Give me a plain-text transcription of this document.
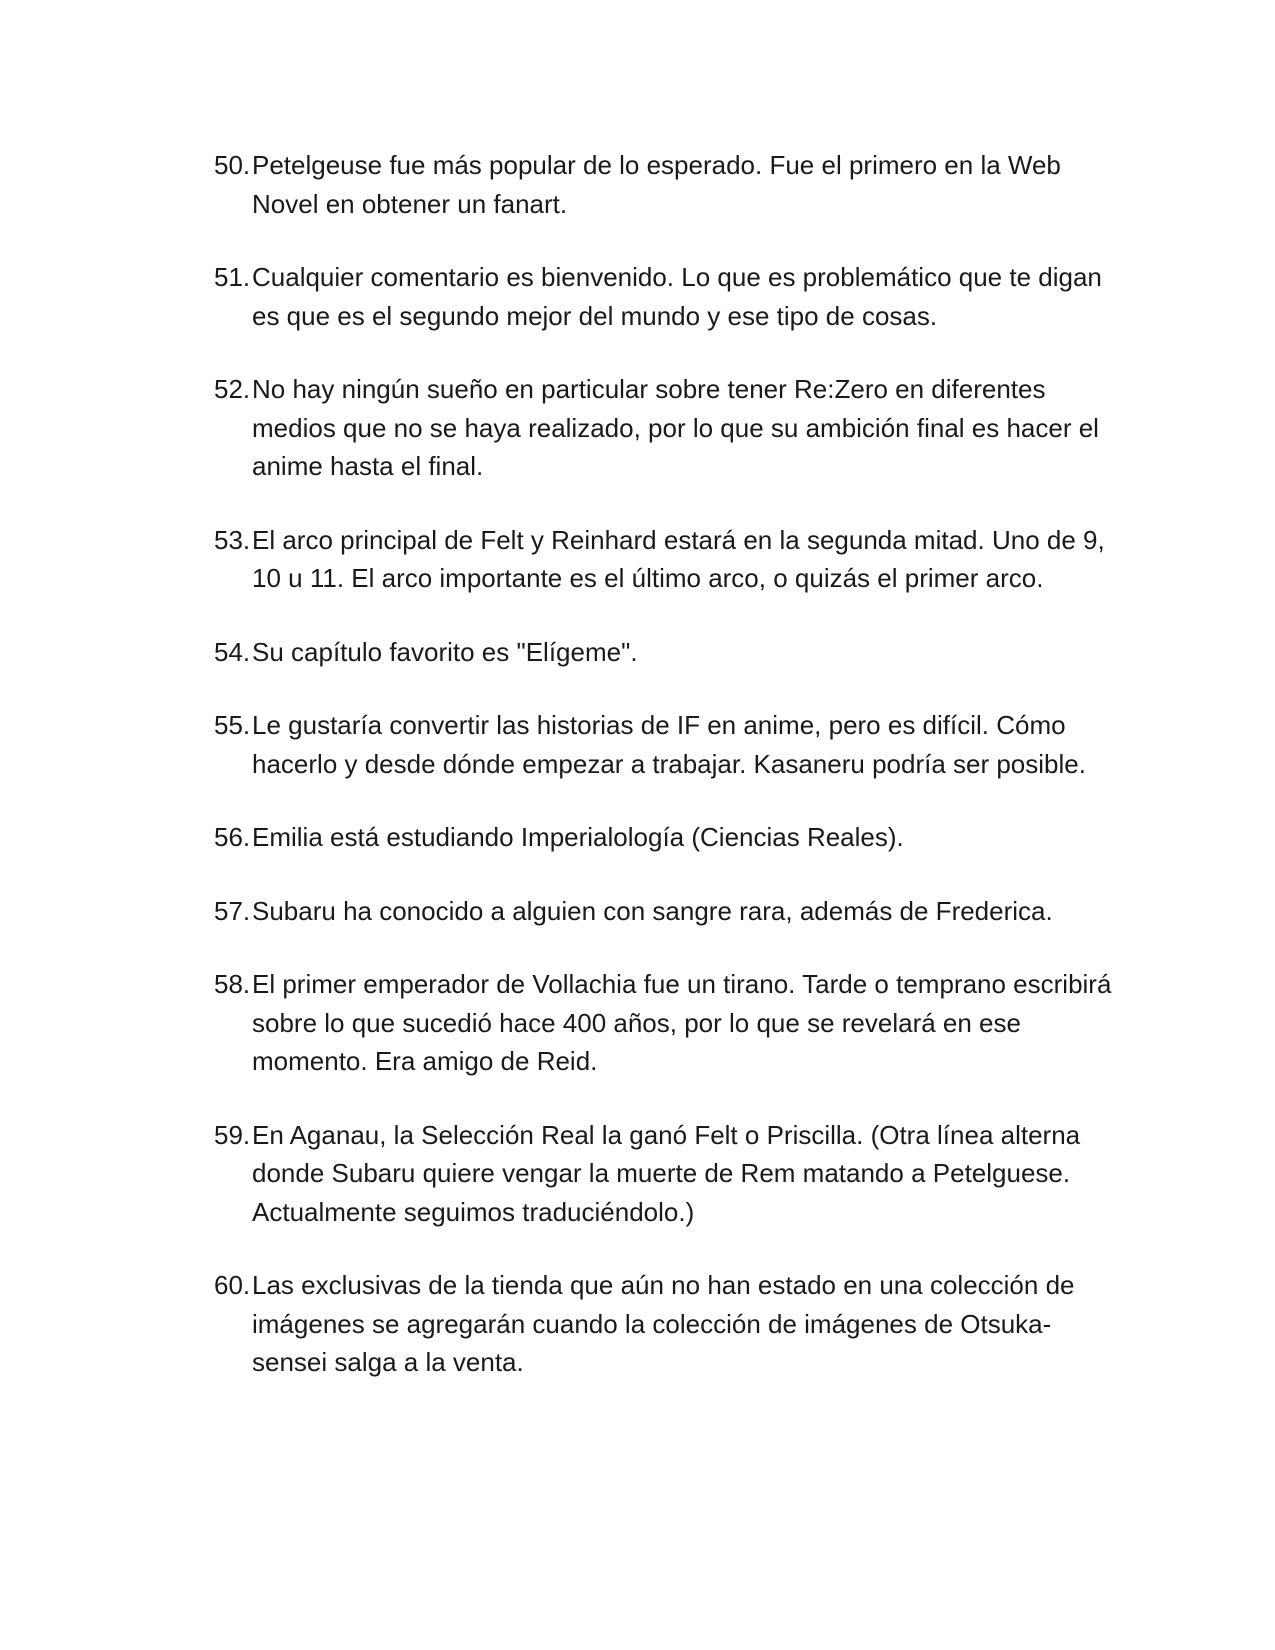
50. Petelgeuse fue más popular de lo esperado. Fue el primero en la Web Novel en obtener un fanart.

51. Cualquier comentario es bienvenido. Lo que es problemático que te digan es que es el segundo mejor del mundo y ese tipo de cosas.

52. No hay ningún sueño en particular sobre tener Re:Zero en diferentes medios que no se haya realizado, por lo que su ambición final es hacer el anime hasta el final.

53. El arco principal de Felt y Reinhard estará en la segunda mitad. Uno de 9, 10 u 11. El arco importante es el último arco, o quizás el primer arco.

54. Su capítulo favorito es "Elígeme".

55. Le gustaría convertir las historias de IF en anime, pero es difícil. Cómo hacerlo y desde dónde empezar a trabajar. Kasaneru podría ser posible.

56. Emilia está estudiando Imperialología (Ciencias Reales).

57. Subaru ha conocido a alguien con sangre rara, además de Frederica.

58. El primer emperador de Vollachia fue un tirano. Tarde o temprano escribirá sobre lo que sucedió hace 400 años, por lo que se revelará en ese momento. Era amigo de Reid.

59. En Aganau, la Selección Real la ganó Felt o Priscilla. (Otra línea alterna donde Subaru quiere vengar la muerte de Rem matando a Petelguese. Actualmente seguimos traduciéndolo.)

60. Las exclusivas de la tienda que aún no han estado en una colección de imágenes se agregarán cuando la colección de imágenes de Otsuka-sensei salga a la venta.
